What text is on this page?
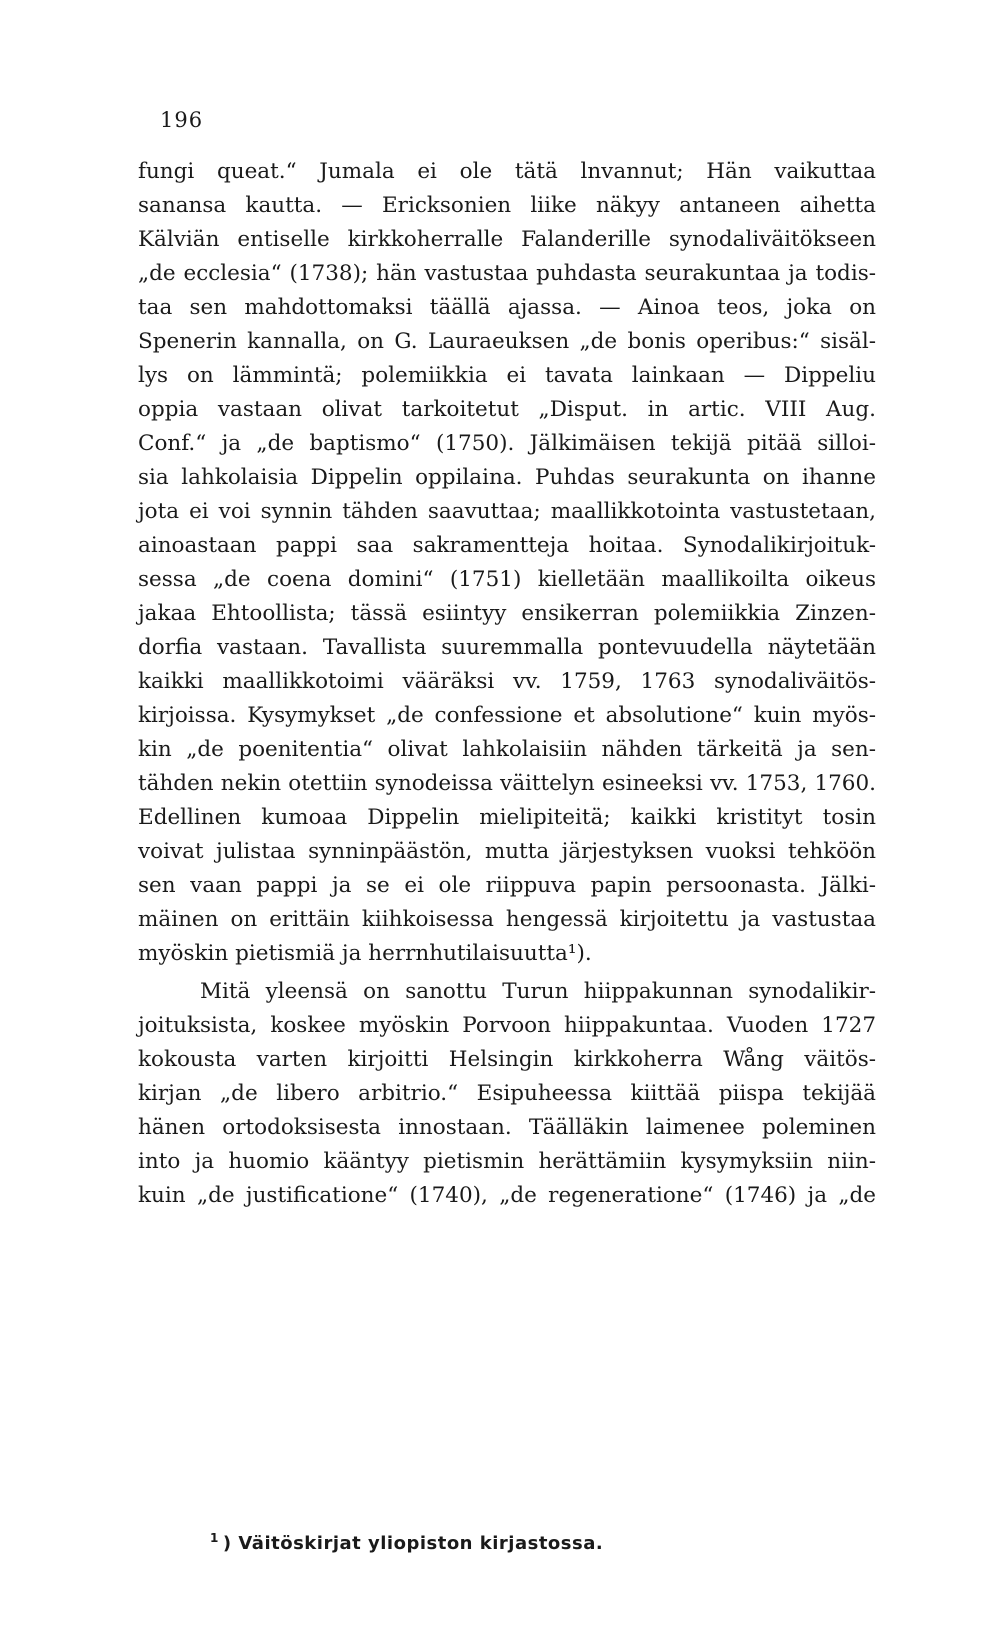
196
fungi queat.“ Jumala ei ole tätä lnvannut; Hän vaikuttaa
sanansa kautta. — Ericksonien liike näkyy antaneen aihetta
Kälviän entiselle kirkkoherralle Falanderille synodaliväitökseen
„de ecclesia“ (1738); hän vastustaa puhdasta seurakuntaa ja todis-
taa sen mahdottomaksi täällä ajassa. — Ainoa teos, joka on
Spenerin kannalla, on G. Lauraeuksen „de bonis operibus:“ sisäl-
lys on lämmintä; polemiikkia ei tavata lainkaan — Dippeliu
oppia vastaan olivat tarkoitetut „Disput. in artic. VIII Aug.
Conf.“ ja „de baptismo“ (1750). Jälkimäisen tekijä pitää silloi-
sia lahkolaisia Dippelin oppilaina. Puhdas seurakunta on ihanne
jota ei voi synnin tähden saavuttaa; maallikkotointa vastustetaan,
ainoastaan pappi saa sakramentteja hoitaa. Synodalikirjoituk-
sessa „de coena domini“ (1751) kielletään maallikoilta oikeus
jakaa Ehtoollista; tässä esiintyy ensikerran polemiikkia Zinzen-
dorfia vastaan. Tavallista suuremmalla pontevuudella näytetään
kaikki maallikkotoimi vääräksi vv. 1759, 1763 synodaliväitös-
kirjoissa. Kysymykset „de confessione et absolutione“ kuin myös-
kin „de poenitentia“ olivat lahkolaisiin nähden tärkeitä ja sen-
tähden nekin otettiin synodeissa väittelyn esineeksi vv. 1753, 1760.
Edellinen kumoaa Dippelin mielipiteitä; kaikki kristityt tosin
voivat julistaa synninpäästön, mutta järjestyksen vuoksi tehköön
sen vaan pappi ja se ei ole riippuva papin persoonasta. Jälki-
mäinen on erittäin kiihkoisessa hengessä kirjoitettu ja vastustaa
myöskin pietismiä ja herrnhutilaisuutta¹).
Mitä yleensä on sanottu Turun hiippakunnan synodalikir-
joituksista, koskee myöskin Porvoon hiippakuntaa. Vuoden 1727
kokousta varten kirjoitti Helsingin kirkkoherra Wång väitös-
kirjan „de libero arbitrio.“ Esipuheessa kiittää piispa tekijää
hänen ortodoksisesta innostaan. Täälläkin laimenee poleminen
into ja huomio kääntyy pietismin herättämiin kysymyksiin niin-
kuin „de justificatione“ (1740), „de regeneratione“ (1746) ja „de
$^1$ ) Väitöskirjat yliopiston kirjastossa.
